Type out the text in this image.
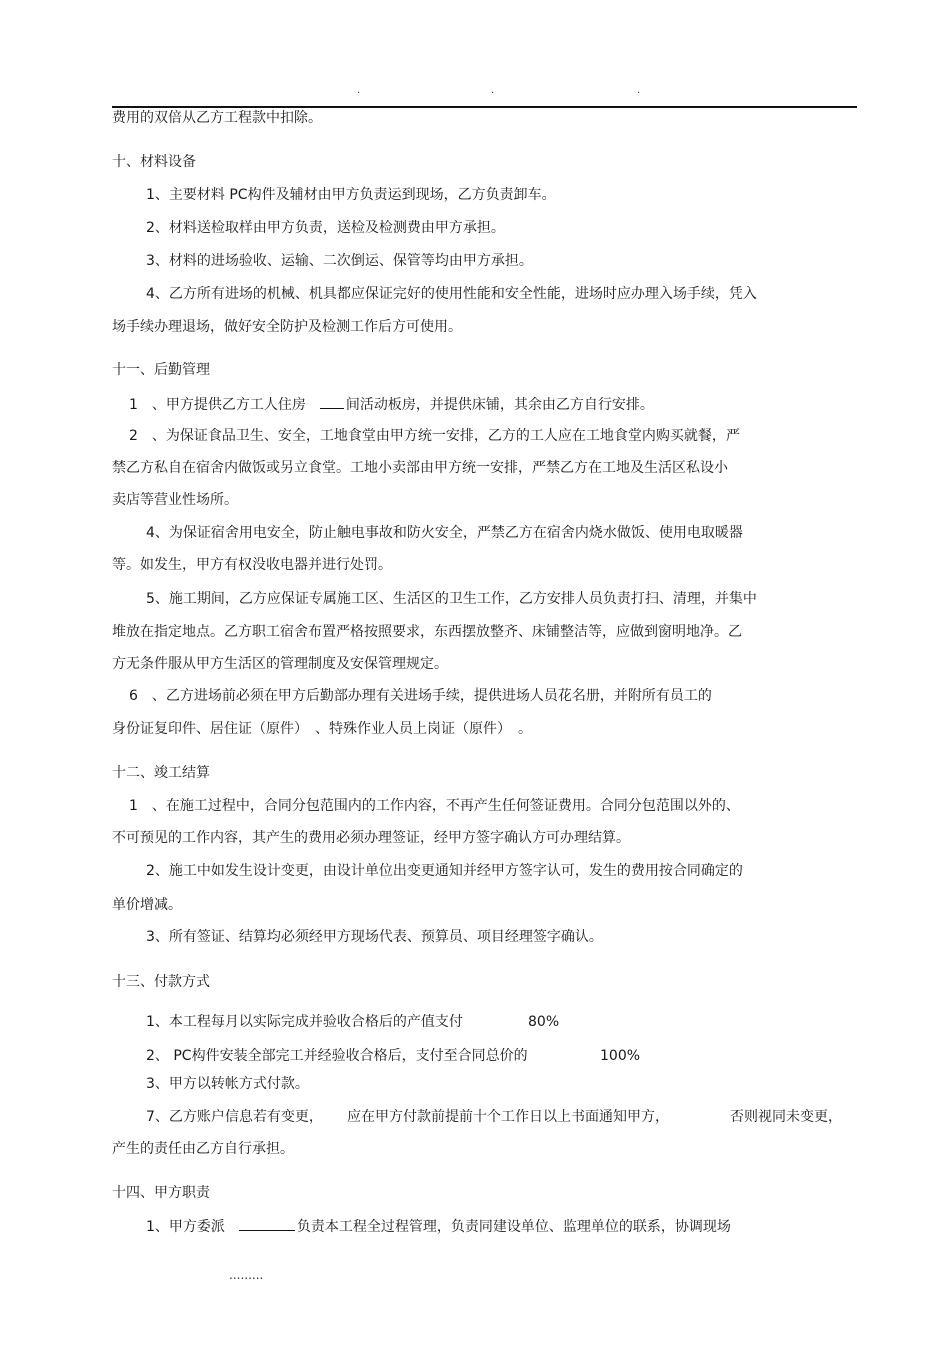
.	.	.
费用的双倍从乙方工程款中扣除。
十、材料设备
1、主要材料 PC构件及辅材由甲方负责运到现场，乙方负责卸车。
2、材料送检取样由甲方负责，送检及检测费由甲方承担。
3、材料的进场验收、运输、二次倒运、保管等均由甲方承担。
4、乙方所有进场的机械、机具都应保证完好的使用性能和安全性能，进场时应办理入场手续，凭入
场手续办理退场，做好安全防护及检测工作后方可使用。
十一、后勤管理
1　、甲方提供乙方工人住房	间活动板房，并提供床铺，其余由乙方自行安排。
2　、为保证食品卫生、安全，工地食堂由甲方统一安排，乙方的工人应在工地食堂内购买就餐，严
禁乙方私自在宿舍内做饭或另立食堂。工地小卖部由甲方统一安排，严禁乙方在工地及生活区私设小
卖店等营业性场所。
4、为保证宿舍用电安全，防止触电事故和防火安全，严禁乙方在宿舍内烧水做饭、使用电取暖器
等。如发生，甲方有权没收电器并进行处罚。
5、施工期间，乙方应保证专属施工区、生活区的卫生工作，乙方安排人员负责打扫、清理，并集中
堆放在指定地点。乙方职工宿舍布置严格按照要求，东西摆放整齐、床铺整洁等，应做到窗明地净。乙
方无条件服从甲方生活区的管理制度及安保管理规定。
6　、乙方进场前必须在甲方后勤部办理有关进场手续，提供进场人员花名册，并附所有员工的
身份证复印件、居住证（原件）　、特殊作业人员上岗证（原件）　。
十二、竣工结算
1　、在施工过程中，合同分包范围内的工作内容，不再产生任何签证费用。合同分包范围以外的、
不可预见的工作内容，其产生的费用必须办理签证，经甲方签字确认方可办理结算。
2、施工中如发生设计变更，由设计单位出变更通知并经甲方签字认可，发生的费用按合同确定的
单价增减。
3、所有签证、结算均必须经甲方现场代表、预算员、项目经理签字确认。
十三、付款方式
1、本工程每月以实际完成并验收合格后的产值支付	80%
2、 PC构件安装全部完工并经验收合格后，支付至合同总价的	100%
3、甲方以转帐方式付款。
7、乙方账户信息若有变更， 应在甲方付款前提前十个工作日以上书面通知甲方，	否则视同未变更，
产生的责任由乙方自行承担。
十四、甲方职责
1、甲方委派	负责本工程全过程管理，负责同建设单位、监理单位的联系，协调现场
.........
